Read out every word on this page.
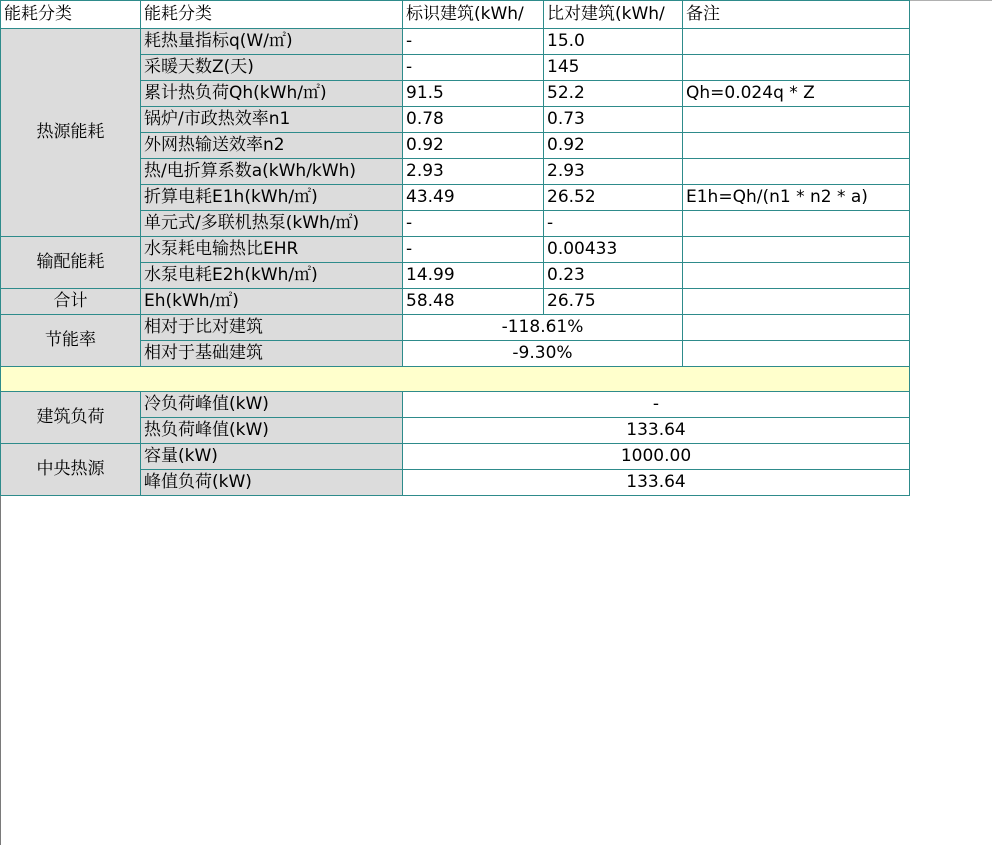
能耗分类	能耗分类	标识建筑(kWh/	比对建筑(kWh/	备注
热源能耗	耗热量指标q(W/㎡)	-	15.0	
	采暖天数Z(天)	-	145	
	累计热负荷Qh(kWh/㎡)	91.5	52.2	Qh=0.024q * Z
	锅炉/市政热效率n1	0.78	0.73	
	外网热输送效率n2	0.92	0.92	
	热/电折算系数a(kWh/kWh)	2.93	2.93	
	折算电耗E1h(kWh/㎡)	43.49	26.52	E1h=Qh/(n1 * n2 * a)
	单元式/多联机热泵(kWh/㎡)	-	-	
输配能耗	水泵耗电输热比EHR	-	0.00433	
	水泵电耗E2h(kWh/㎡)	14.99	0.23	
合计	Eh(kWh/㎡)	58.48	26.75	
节能率	相对于比对建筑	-118.61%		
	相对于基础建筑	-9.30%		

建筑负荷	冷负荷峰值(kW)	-		
	热负荷峰值(kW)	133.64		
中央热源	容量(kW)	1000.00		
	峰值负荷(kW)	133.64		
